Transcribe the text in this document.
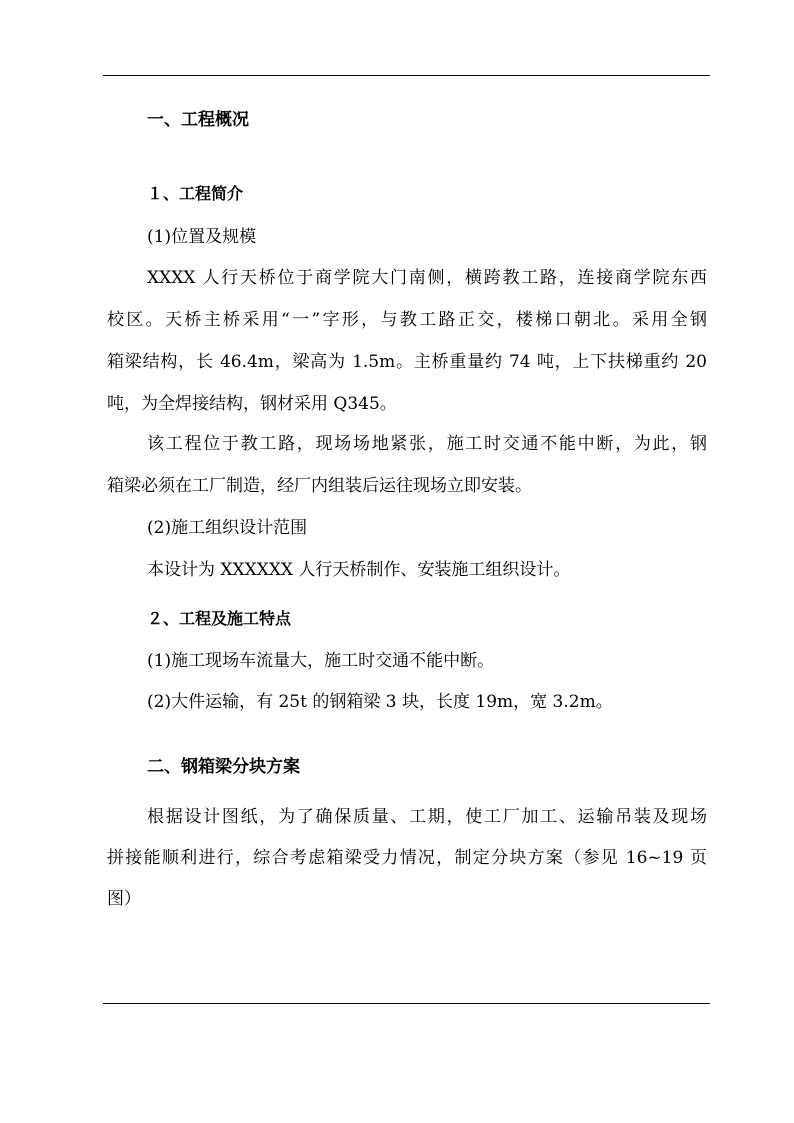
一、工程概况
１、工程简介
(1)位置及规模
XXXX 人行天桥位于商学院大门南侧，横跨教工路，连接商学院东西
校区。天桥主桥采用“一”字形，与教工路正交，楼梯口朝北。采用全钢
箱梁结构，长 46.4m，梁高为 1.5m。主桥重量约 74 吨，上下扶梯重约 20
吨，为全焊接结构，钢材采用 Q345。
该工程位于教工路，现场场地紧张，施工时交通不能中断，为此，钢
箱梁必须在工厂制造，经厂内组装后运往现场立即安装。
(2)施工组织设计范围
本设计为 XXXXXX 人行天桥制作、安装施工组织设计。
２、工程及施工特点
(1)施工现场车流量大，施工时交通不能中断。
(2)大件运输，有 25t 的钢箱梁 3 块，长度 19m，宽 3.2m。
二、钢箱梁分块方案
根据设计图纸，为了确保质量、工期，使工厂加工、运输吊装及现场
拼接能顺利进行，综合考虑箱梁受力情况，制定分块方案（参见 16~19 页
图）
